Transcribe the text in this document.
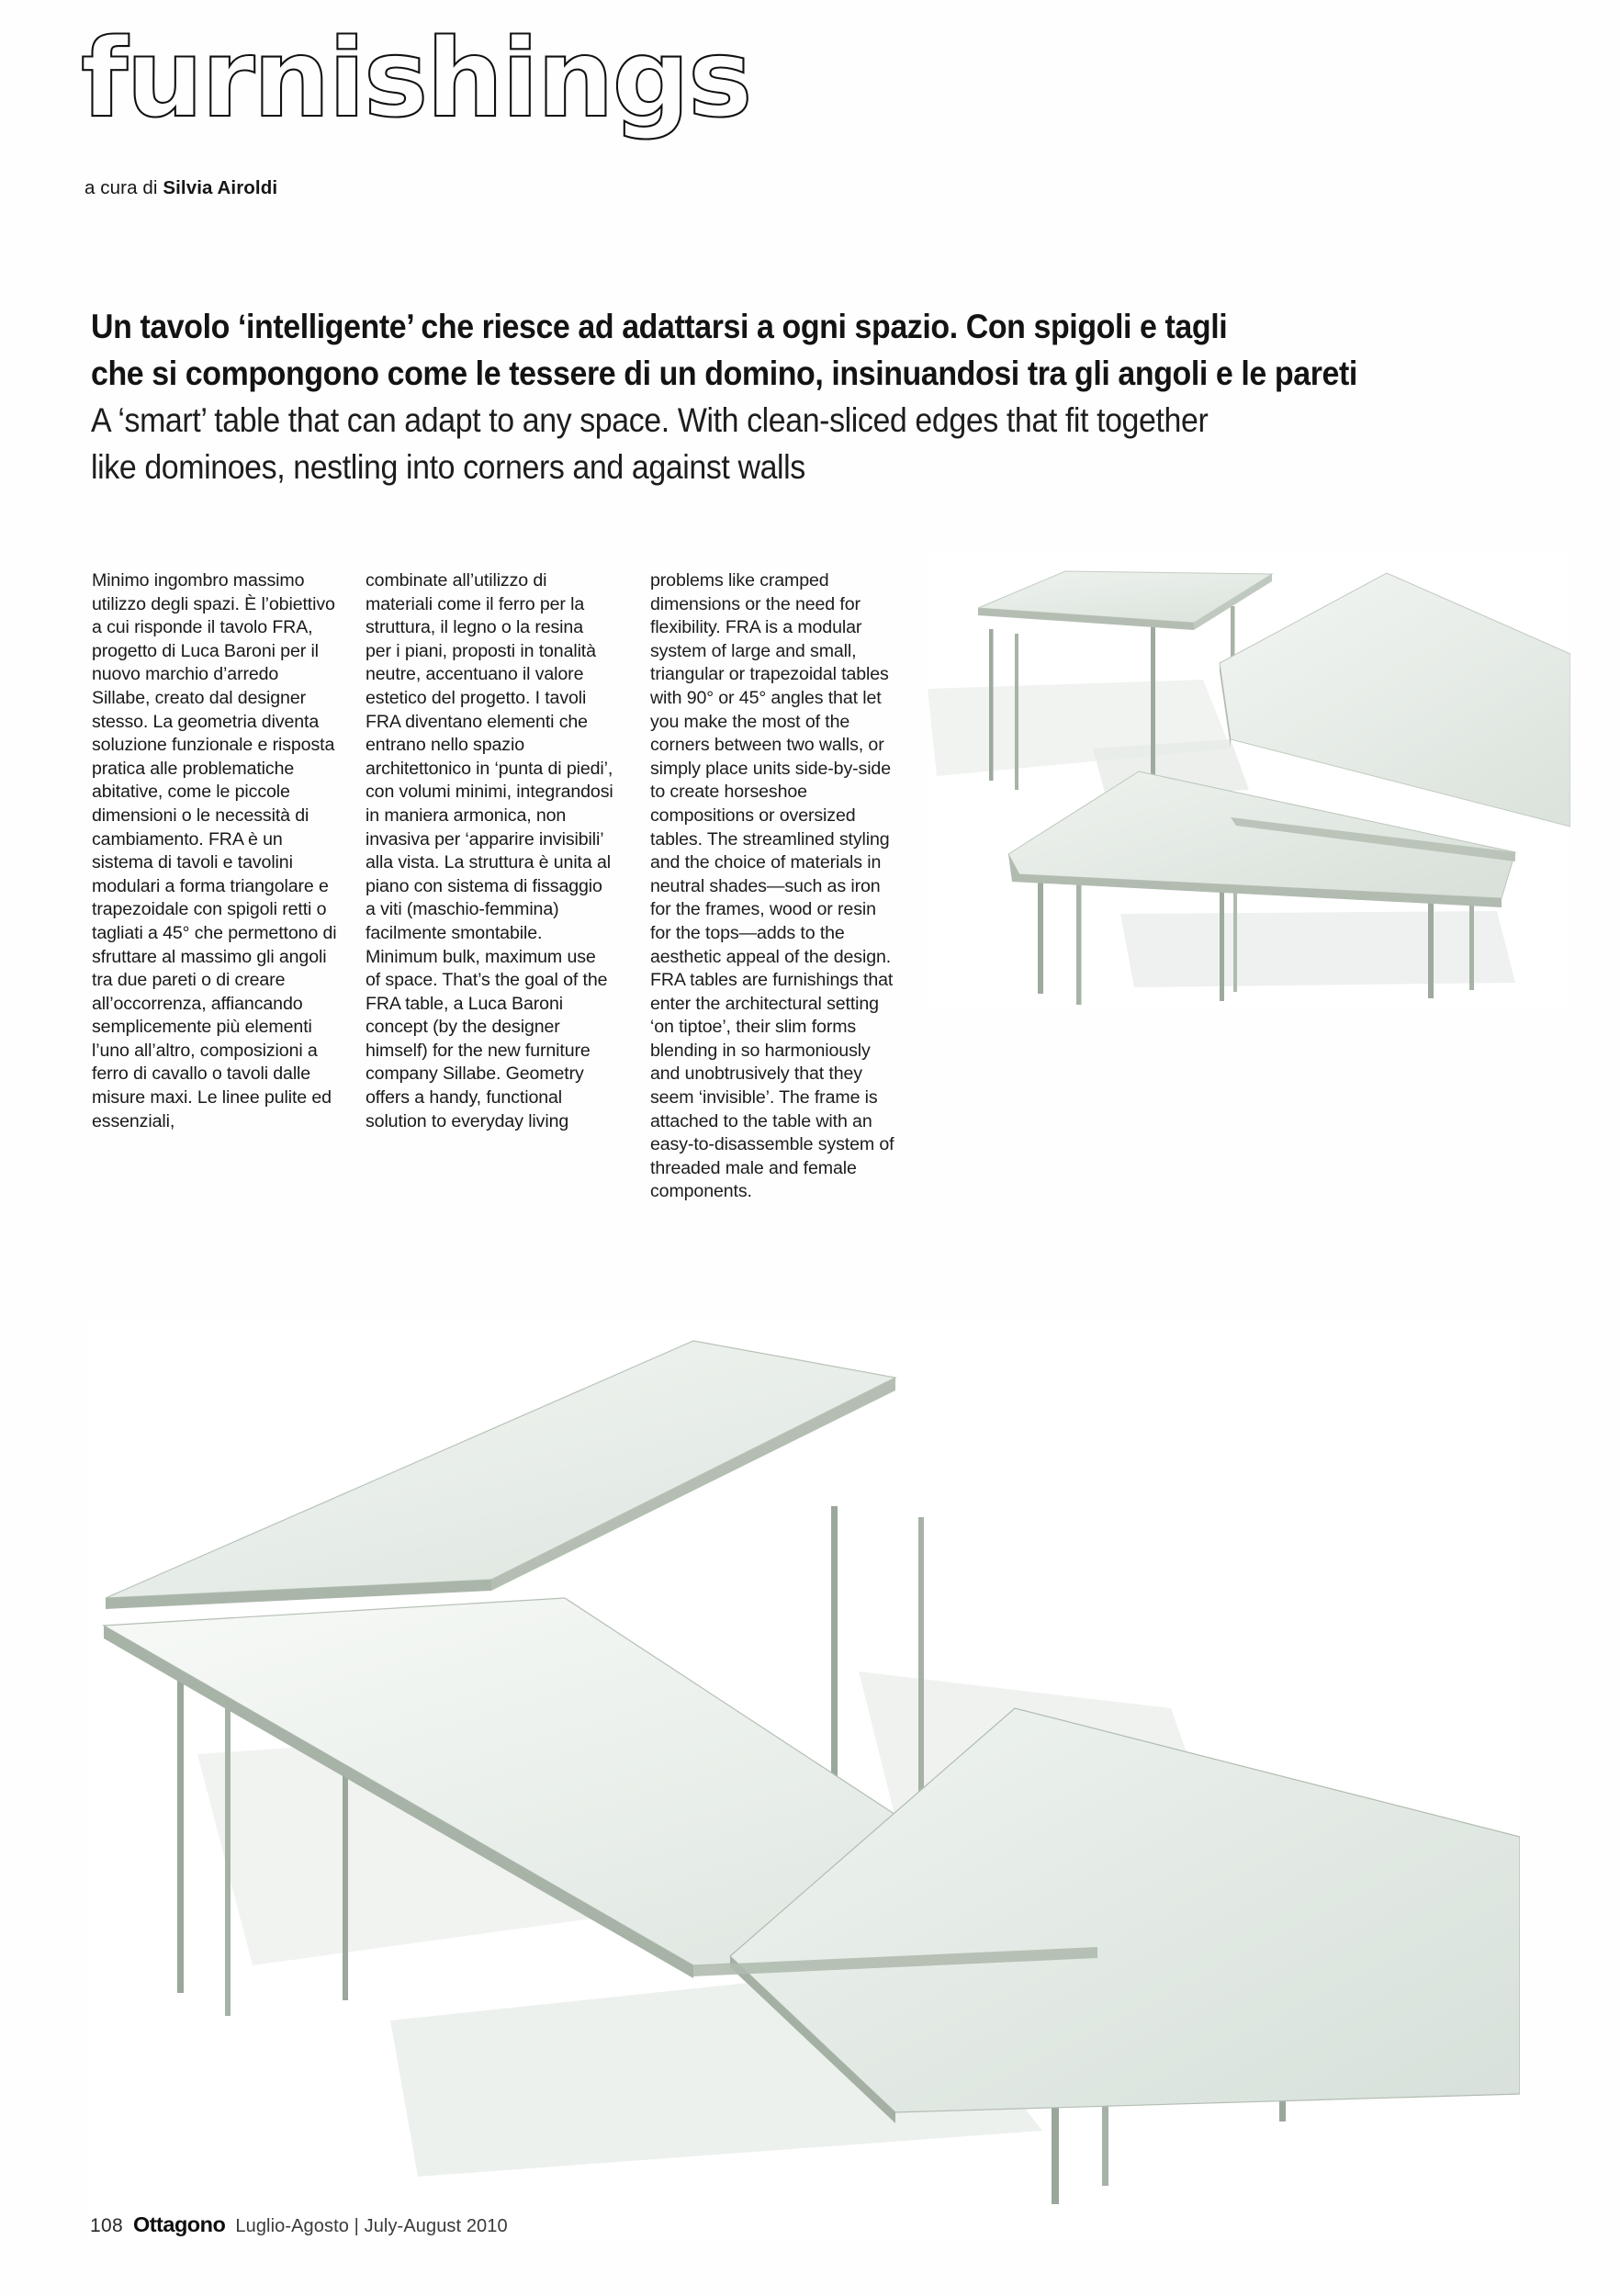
furnishings
a cura di Silvia Airoldi
Un tavolo ‘intelligente’ che riesce ad adattarsi a ogni spazio. Con spigoli e tagli
che si compongono come le tessere di un domino, insinuandosi tra gli angoli e le pareti
A ‘smart’ table that can adapt to any space. With clean-sliced edges that fit together
like dominoes, nestling into corners and against walls

Minimo ingombro massimo utilizzo degli spazi. È l’obiettivo a cui risponde il tavolo FRA, progetto di Luca Baroni per il nuovo marchio d’arredo Sillabe, creato dal designer stesso. La geometria diventa soluzione funzionale e risposta pratica alle problematiche abitative, come le piccole dimensioni o le necessità di cambiamento. FRA è un sistema di tavoli e tavolini modulari a forma triangolare e trapezoidale con spigoli retti o tagliati a 45° che permettono di sfruttare al massimo gli angoli tra due pareti o di creare all’occorrenza, affiancando semplicemente più elementi l’uno all’altro, composizioni a ferro di cavallo o tavoli dalle misure maxi. Le linee pulite ed essenziali,

combinate all’utilizzo di materiali come il ferro per la struttura, il legno o la resina per i piani, proposti in tonalità neutre, accentuano il valore estetico del progetto. I tavoli FRA diventano elementi che entrano nello spazio architettonico in ‘punta di piedi’, con volumi minimi, integrandosi in maniera armonica, non invasiva per ‘apparire invisibili’ alla vista. La struttura è unita al piano con sistema di fissaggio a viti (maschio-femmina) facilmente smontabile. Minimum bulk, maximum use of space. That’s the goal of the FRA table, a Luca Baroni concept (by the designer himself) for the new furniture company Sillabe. Geometry offers a handy, functional solution to everyday living

problems like cramped dimensions or the need for flexibility. FRA is a modular system of large and small, triangular or trapezoidal tables with 90° or 45° angles that let you make the most of the corners between two walls, or simply place units side-by-side to create horseshoe compositions or oversized tables. The streamlined styling and the choice of materials in neutral shades—such as iron for the frames, wood or resin for the tops—adds to the aesthetic appeal of the design. FRA tables are furnishings that enter the architectural setting ‘on tiptoe’, their slim forms blending in so harmoniously and unobtrusively that they seem ‘invisible’. The frame is attached to the table with an easy-to-disassemble system of threaded male and female components.

108 Ottagono Luglio-Agosto | July-August 2010
